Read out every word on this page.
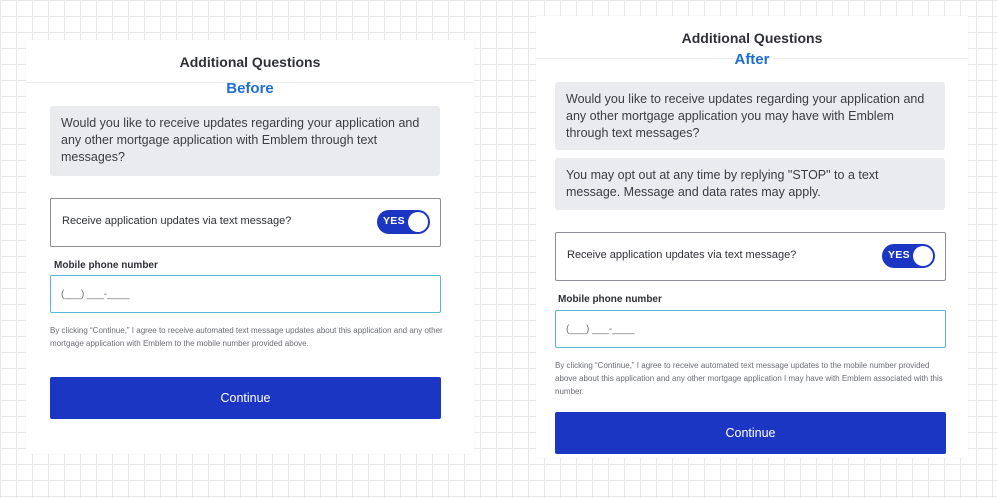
Additional Questions
Before
Would you like to receive updates regarding your application and any other mortgage application with Emblem through text messages?
Receive application updates via text message?	YES
Mobile phone number
(___) ___-____
By clicking “Continue,” I agree to receive automated text message updates about this application and any other mortgage application with Emblem to the mobile number provided above.
Continue
Additional Questions
After
Would you like to receive updates regarding your application and any other mortgage application you may have with Emblem through text messages?
You may opt out at any time by replying "STOP" to a text message. Message and data rates may apply.
Receive application updates via text message?	YES
Mobile phone number
(___) ___-____
By clicking “Continue,” I agree to receive automated text message updates to the mobile number provided above about this application and any other mortgage application I may have with Emblem associated with this number.
Continue
